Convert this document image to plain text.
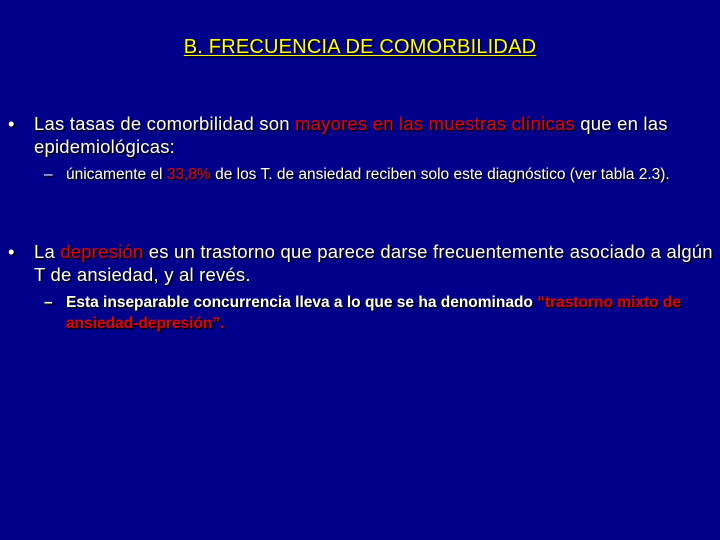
B. FRECUENCIA DE COMORBILIDAD
• Las tasas de comorbilidad son mayores en las muestras clínicas que en las epidemiológicas:
– únicamente el 33,8% de los T. de ansiedad reciben solo este diagnóstico (ver tabla 2.3).
• La depresión es un trastorno que parece darse frecuentemente asociado a algún T de ansiedad, y al revés.
– Esta inseparable concurrencia lleva a lo que se ha denominado “trastorno mixto de ansiedad-depresión”.
